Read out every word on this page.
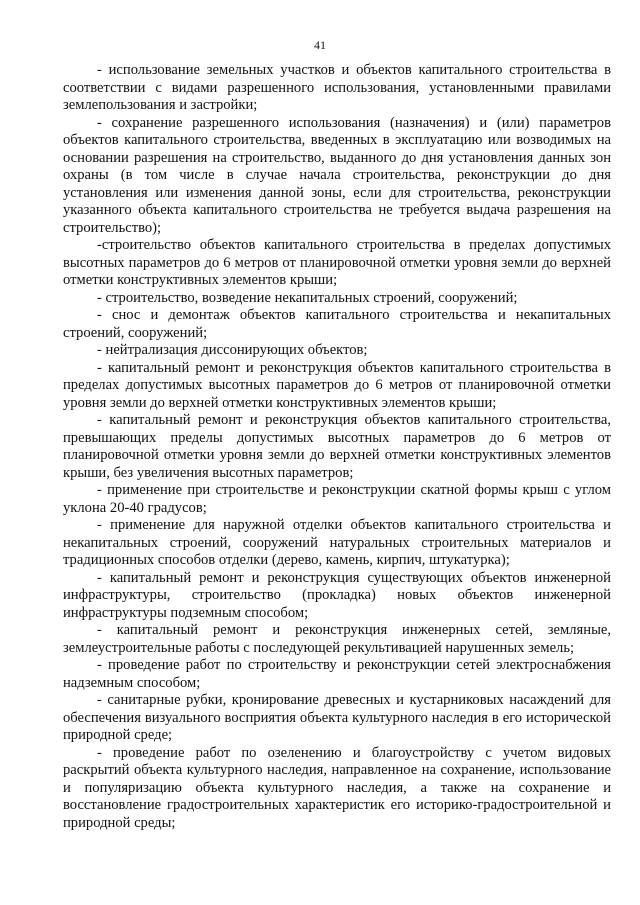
41

- использование земельных участков и объектов капитального строительства в соответствии с видами разрешенного использования, установленными правилами землепользования и застройки;

- сохранение разрешенного использования (назначения) и (или) параметров объектов капитального строительства, введенных в эксплуатацию или возводимых на основании разрешения на строительство, выданного до дня установления данных зон охраны (в том числе в случае начала строительства, реконструкции до дня установления или изменения данной зоны, если для строительства, реконструкции указанного объекта капитального строительства не требуется выдача разрешения на строительство);

-строительство объектов капитального строительства в пределах допустимых высотных параметров до 6 метров от планировочной отметки уровня земли до верхней отметки конструктивных элементов крыши;

- строительство, возведение некапитальных строений, сооружений;

- снос и демонтаж объектов капитального строительства и некапитальных строений, сооружений;

- нейтрализация диссонирующих объектов;

- капитальный ремонт и реконструкция объектов капитального строительства в пределах допустимых высотных параметров до 6 метров от планировочной отметки уровня земли до верхней отметки конструктивных элементов крыши;

- капитальный ремонт и реконструкция объектов капитального строительства, превышающих пределы допустимых высотных параметров до 6 метров от планировочной отметки уровня земли до верхней отметки конструктивных элементов крыши, без увеличения высотных параметров;

- применение при строительстве и реконструкции скатной формы крыш с углом уклона 20-40 градусов;

- применение для наружной отделки объектов капитального строительства и некапитальных строений, сооружений натуральных строительных материалов и традиционных способов отделки (дерево, камень, кирпич, штукатурка);

- капитальный ремонт и реконструкция существующих объектов инженерной инфраструктуры, строительство (прокладка) новых объектов инженерной инфраструктуры подземным способом;

- капитальный ремонт и реконструкция инженерных сетей, земляные, землеустроительные работы с последующей рекультивацией нарушенных земель;

- проведение работ по строительству и реконструкции сетей электроснабжения надземным способом;

- санитарные рубки, кронирование древесных и кустарниковых насаждений для обеспечения визуального восприятия объекта культурного наследия в его исторической природной среде;

- проведение работ по озеленению и благоустройству с учетом видовых раскрытий объекта культурного наследия, направленное на сохранение, использование и популяризацию объекта культурного наследия, а также на сохранение и восстановление градостроительных характеристик его историко-градостроительной и природной среды;
